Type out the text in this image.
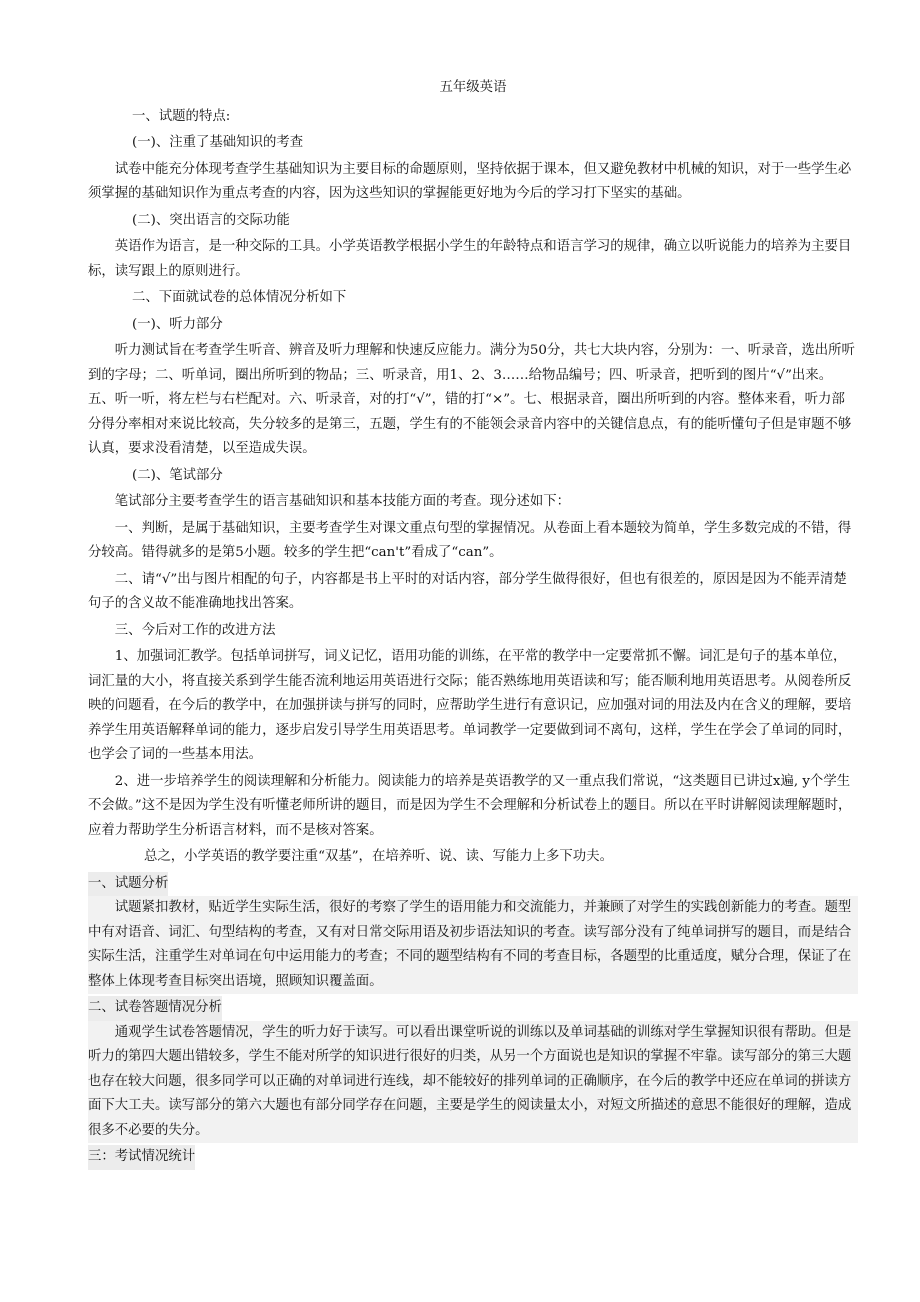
五年级英语
一、试题的特点:
(一)、注重了基础知识的考查
试卷中能充分体现考查学生基础知识为主要目标的命题原则，坚持依据于课本，但又避免教材中机械的知识，对于一些学生必须掌握的基础知识作为重点考查的内容，因为这些知识的掌握能更好地为今后的学习打下坚实的基础。
(二)、突出语言的交际功能
英语作为语言，是一种交际的工具。小学英语教学根据小学生的年龄特点和语言学习的规律，确立以听说能力的培养为主要目标，读写跟上的原则进行。
二、下面就试卷的总体情况分析如下
(一)、听力部分
听力测试旨在考查学生听音、辨音及听力理解和快速反应能力。满分为50分，共七大块内容，分别为：一、听录音，选出所听到的字母；二、听单词，圈出所听到的物品；三、听录音，用1、2、3……给物品编号；四、听录音，把听到的图片“√”出来。五、听一听，将左栏与右栏配对。六、听录音，对的打“√”，错的打“×”。七、根据录音，圈出所听到的内容。整体来看，听力部分得分率相对来说比较高，失分较多的是第三，五题，学生有的不能领会录音内容中的关键信息点，有的能听懂句子但是审题不够认真，要求没看清楚，以至造成失误。
(二)、笔试部分
笔试部分主要考查学生的语言基础知识和基本技能方面的考查。现分述如下：
一、判断，是属于基础知识，主要考查学生对课文重点句型的掌握情况。从卷面上看本题较为简单，学生多数完成的不错，得分较高。错得就多的是第5小题。较多的学生把“can't”看成了“can”。
二、请“√”出与图片相配的句子，内容都是书上平时的对话内容，部分学生做得很好，但也有很差的，原因是因为不能弄清楚句子的含义故不能准确地找出答案。
三、今后对工作的改进方法
1、加强词汇教学。包括单词拼写，词义记忆，语用功能的训练，在平常的教学中一定要常抓不懈。词汇是句子的基本单位，词汇量的大小，将直接关系到学生能否流利地运用英语进行交际；能否熟练地用英语读和写；能否顺利地用英语思考。从阅卷所反映的问题看，在今后的教学中，在加强拼读与拼写的同时，应帮助学生进行有意识记，应加强对词的用法及内在含义的理解，要培养学生用英语解释单词的能力，逐步启发引导学生用英语思考。单词教学一定要做到词不离句，这样，学生在学会了单词的同时，也学会了词的一些基本用法。
2、进一步培养学生的阅读理解和分析能力。阅读能力的培养是英语教学的又一重点我们常说，“这类题目已讲过x遍, y个学生不会做。”这不是因为学生没有听懂老师所讲的题目，而是因为学生不会理解和分析试卷上的题目。所以在平时讲解阅读理解题时，应着力帮助学生分析语言材料，而不是核对答案。
总之，小学英语的教学要注重“双基”，在培养听、说、读、写能力上多下功夫。
一、试题分析
试题紧扣教材，贴近学生实际生活，很好的考察了学生的语用能力和交流能力，并兼顾了对学生的实践创新能力的考查。题型中有对语音、词汇、句型结构的考查，又有对日常交际用语及初步语法知识的考查。读写部分没有了纯单词拼写的题目，而是结合实际生活，注重学生对单词在句中运用能力的考查；不同的题型结构有不同的考查目标，各题型的比重适度，赋分合理，保证了在整体上体现考查目标突出语境，照顾知识覆盖面。
二、试卷答题情况分析
通观学生试卷答题情况，学生的听力好于读写。可以看出课堂听说的训练以及单词基础的训练对学生掌握知识很有帮助。但是听力的第四大题出错较多，学生不能对所学的知识进行很好的归类，从另一个方面说也是知识的掌握不牢靠。读写部分的第三大题也存在较大问题，很多同学可以正确的对单词进行连线，却不能较好的排列单词的正确顺序，在今后的教学中还应在单词的拼读方面下大工夫。读写部分的第六大题也有部分同学存在问题，主要是学生的阅读量太小，对短文所描述的意思不能很好的理解，造成很多不必要的失分。
三：考试情况统计
